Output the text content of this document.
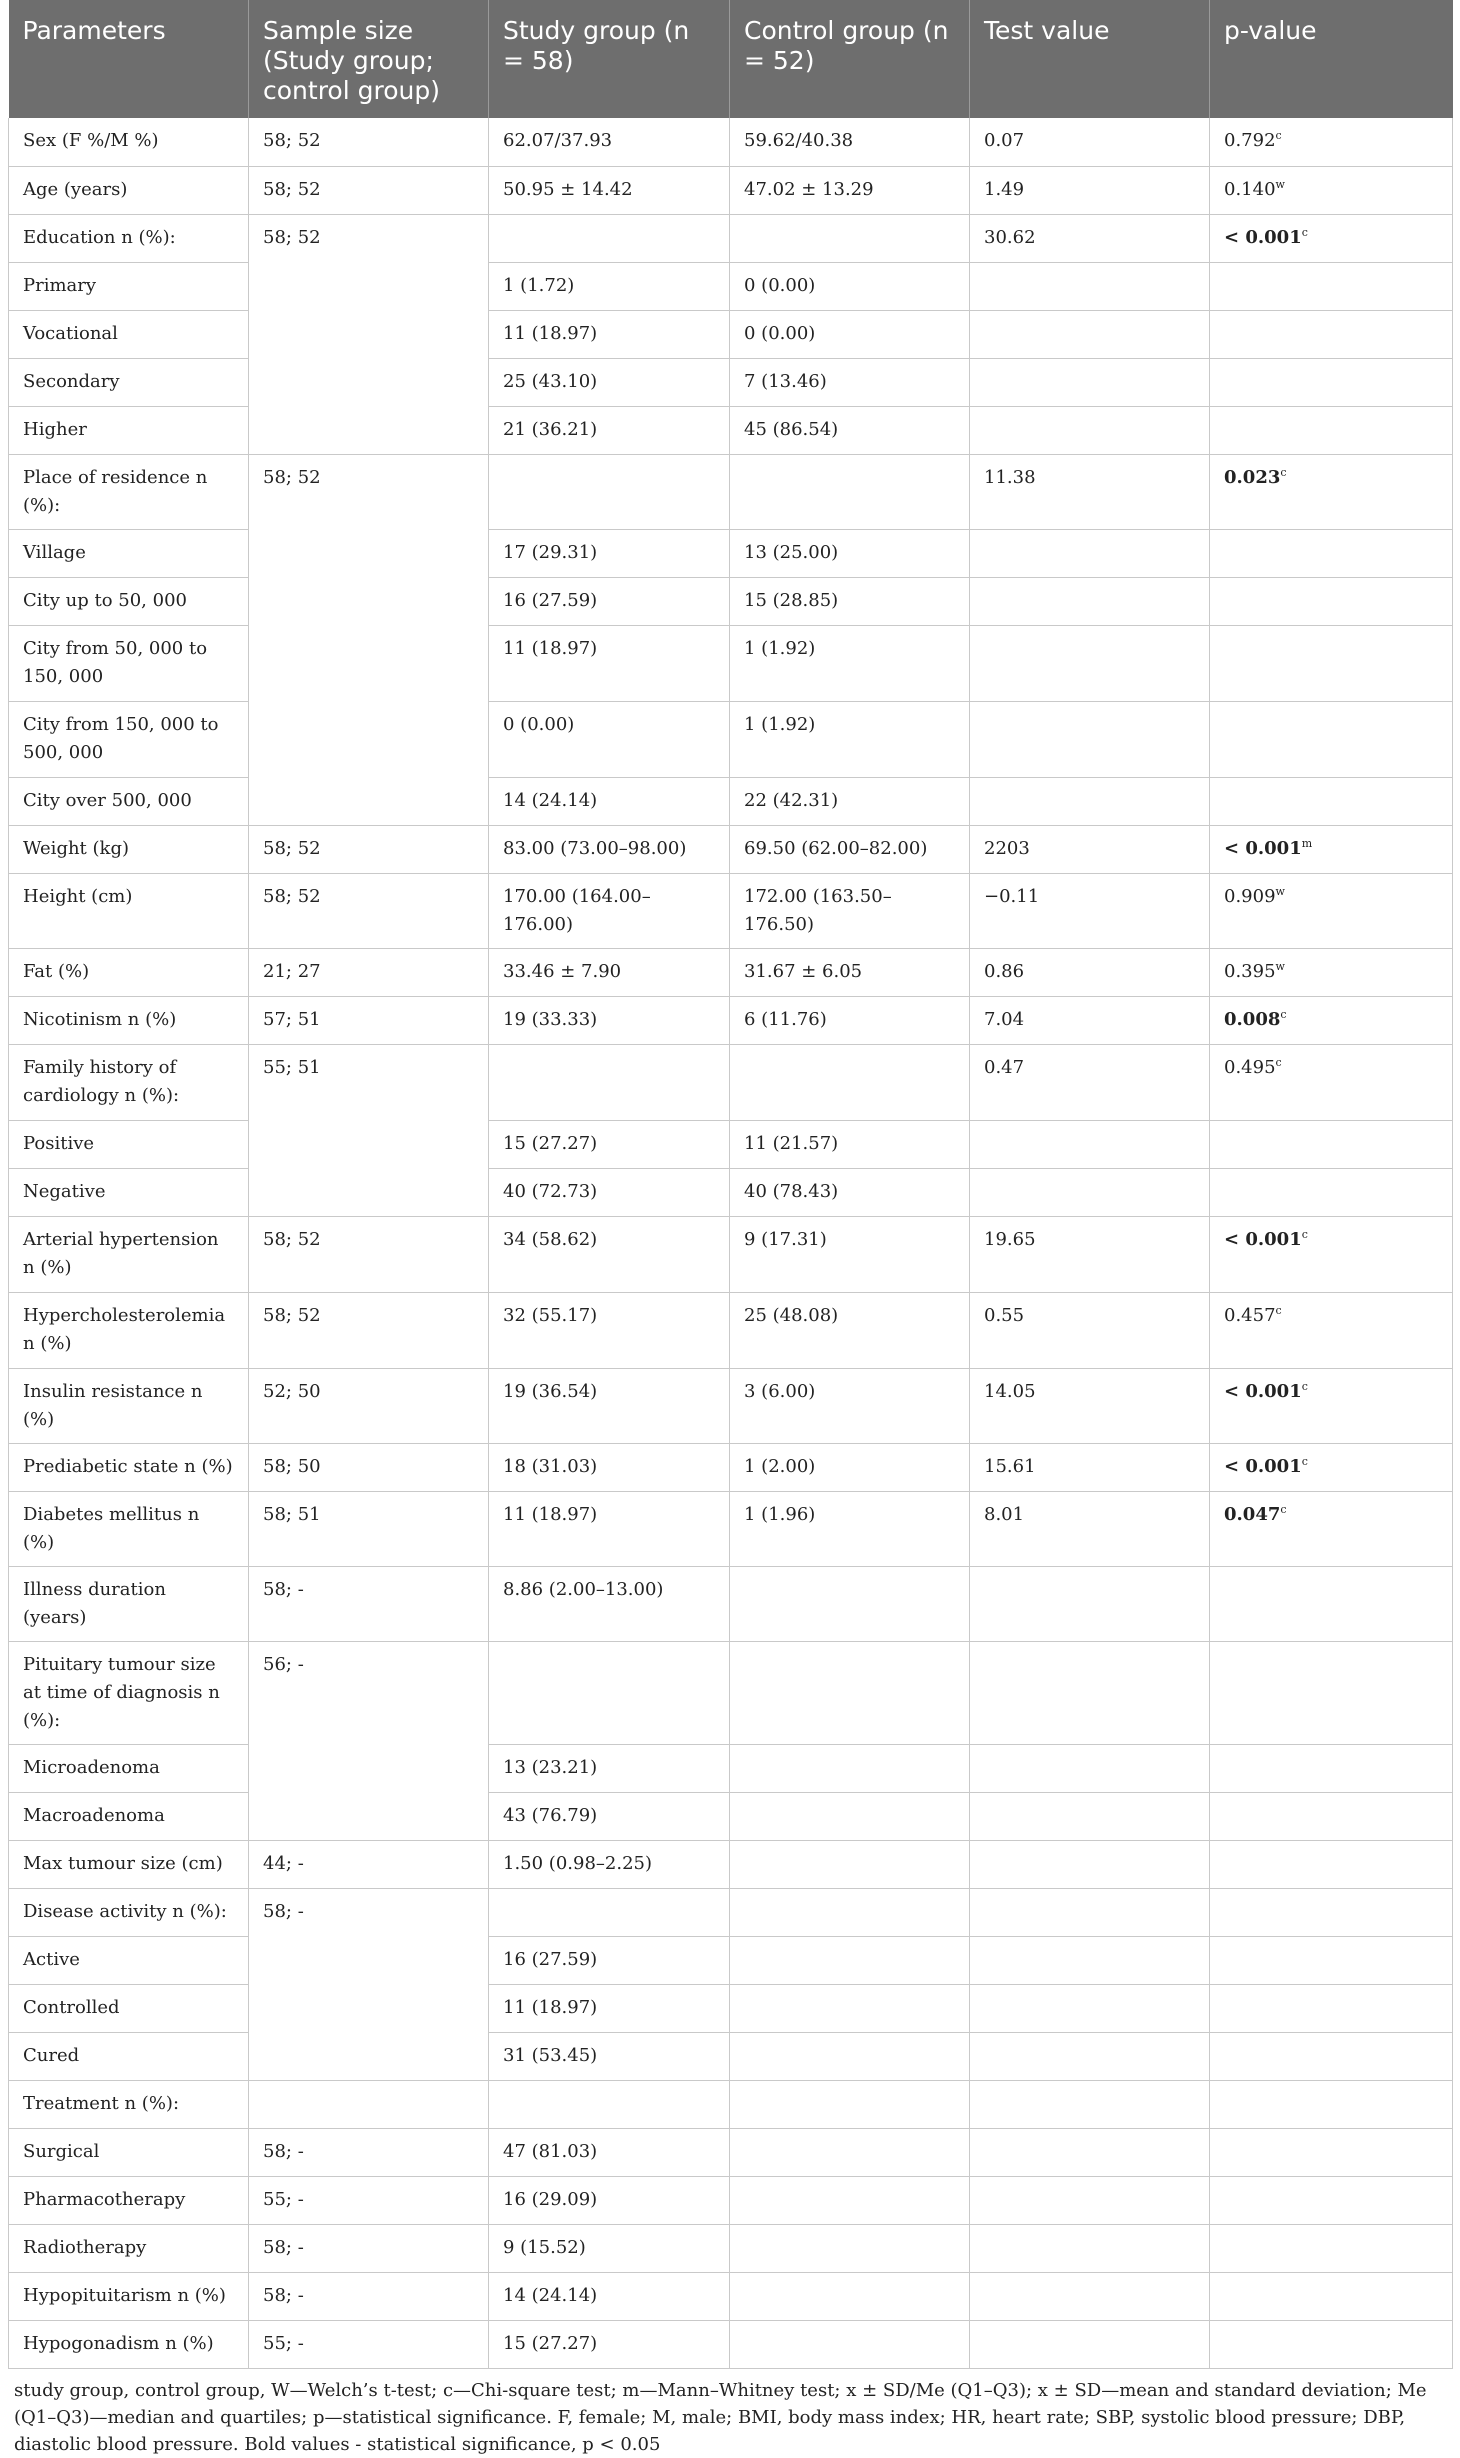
Parameters	Sample size (Study group; control group)	Study group (n = 58)	Control group (n = 52)	Test value	p-value
Sex (F %/M %)	58; 52	62.07/37.93	59.62/40.38	0.07	0.792$^c$
Age (years)	58; 52	50.95 ± 14.42	47.02 ± 13.29	1.49	0.140$^w$
Education n (%):	58; 52			30.62	< 0.001$^c$
Primary		1 (1.72)	0 (0.00)		
Vocational		11 (18.97)	0 (0.00)		
Secondary		25 (43.10)	7 (13.46)		
Higher		21 (36.21)	45 (86.54)		
Place of residence n (%):	58; 52			11.38	0.023$^c$
Village		17 (29.31)	13 (25.00)		
City up to 50, 000		16 (27.59)	15 (28.85)		
City from 50, 000 to 150, 000		11 (18.97)	1 (1.92)		
City from 150, 000 to 500, 000		0 (0.00)	1 (1.92)		
City over 500, 000		14 (24.14)	22 (42.31)		
Weight (kg)	58; 52	83.00 (73.00–98.00)	69.50 (62.00–82.00)	2203	< $0.001^m$
Height (cm)	58; 52	170.00 (164.00–176.00)	172.00 (163.50–176.50)	−0.11	0.909$^w$
Fat (%)	21; 27	33.46 ± 7.90	31.67 ± 6.05	0.86	0.395$^w$
Nicotinism n (%)	57; 51	19 (33.33)	6 (11.76)	7.04	0.008$^c$
Family history of cardiology n (%):	55; 51			0.47	0.495$^c$
Positive		15 (27.27)	11 (21.57)		
Negative		40 (72.73)	40 (78.43)		
Arterial hypertension n (%)	58; 52	34 (58.62)	9 (17.31)	19.65	< 0.001$^c$
Hypercholesterolemia n (%)	58; 52	32 (55.17)	25 (48.08)	0.55	0.457$^c$
Insulin resistance n (%)	52; 50	19 (36.54)	3 (6.00)	14.05	< 0.001$^c$
Prediabetic state n (%)	58; 50	18 (31.03)	1 (2.00)	15.61	< 0.001$^c$
Diabetes mellitus n (%)	58; 51	11 (18.97)	1 (1.96)	8.01	0.047$^c$
Illness duration (years)	58; -	8.86 (2.00–13.00)			
Pituitary tumour size at time of diagnosis n (%):	56; -				
Microadenoma		13 (23.21)			
Macroadenoma		43 (76.79)			
Max tumour size (cm)	44; -	1.50 (0.98–2.25)			
Disease activity n (%):	58; -				
Active		16 (27.59)			
Controlled		11 (18.97)			
Cured		31 (53.45)			
Treatment n (%):					
Surgical	58; -	47 (81.03)			
Pharmacotherapy	55; -	16 (29.09)			
Radiotherapy	58; -	9 (15.52)			
Hypopituitarism n (%)	58; -	14 (24.14)			
Hypogonadism n (%)	55; -	15 (27.27)			
study group, control group, W—Welch’s t-test; c—Chi-square test; m—Mann–Whitney test; x ± SD/Me (Q1–Q3); x ± SD—mean and standard deviation; Me (Q1–Q3)—median and quartiles; p—statistical significance. F, female; M, male; BMI, body mass index; HR, heart rate; SBP, systolic blood pressure; DBP, diastolic blood pressure. Bold values - statistical significance, p < 0.05
